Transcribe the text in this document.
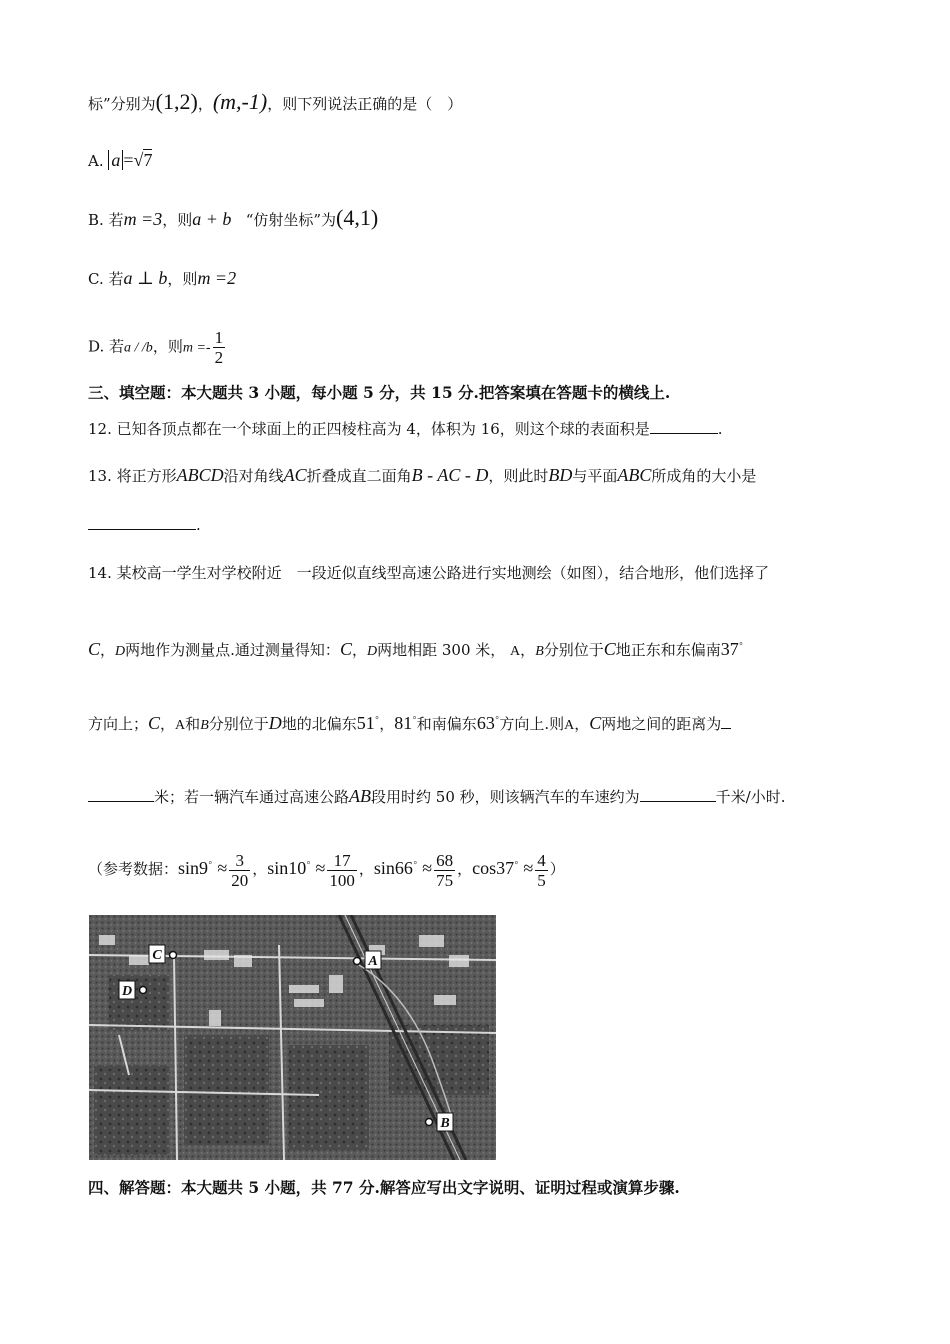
标”分别为(1,2)，(m,-1)，则下列说法正确的是（　）
A. a =√7
B. 若m =3，则a + b “仿射坐标”为(4,1)
C. 若a ⊥ b，则m =2
D. 若a / /b，则$m =- \frac{1}{2}$
三、填空题：本大题共 3 小题，每小题 5 分，共 15 分.把答案填在答题卡的横线上.
12. 已知各顶点都在一个球面上的正四棱柱高为 4，体积为 16，则这个球的表面积是	.
13. 将正方形ABCD沿对角线AC折叠成直二面角B - AC - D，则此时BD与平面ABC所成角的大小是
.
14. 某校高一学生对学校附近　一段近似直线型高速公路进行实地测绘（如图），结合地形，他们选择了
C，D两地作为测量点.通过测量得知：C，D两地相距 300 米， A，B分别位于C地正东和东偏南37°
方向上；C，A和B分别位于D地的北偏东51°，81°和南偏东63°方向上.则A，C两地之间的距离为
米；若一辆汽车通过高速公路AB段用时约 50 秒，则该辆汽车的车速约为	千米/小时.
（参考数据：$\sin 9^\circ \approx \frac{3}{20}$ ，$\sin 10^\circ \approx \frac{17}{100}$ ，$\sin 66^\circ \approx \frac{68}{75}$ ，$\cos 37^\circ \approx \frac{4}{5}$ ）
A
B
C
D
四、解答题：本大题共 5 小题，共 77 分.解答应写出文字说明、证明过程或演算步骤.
